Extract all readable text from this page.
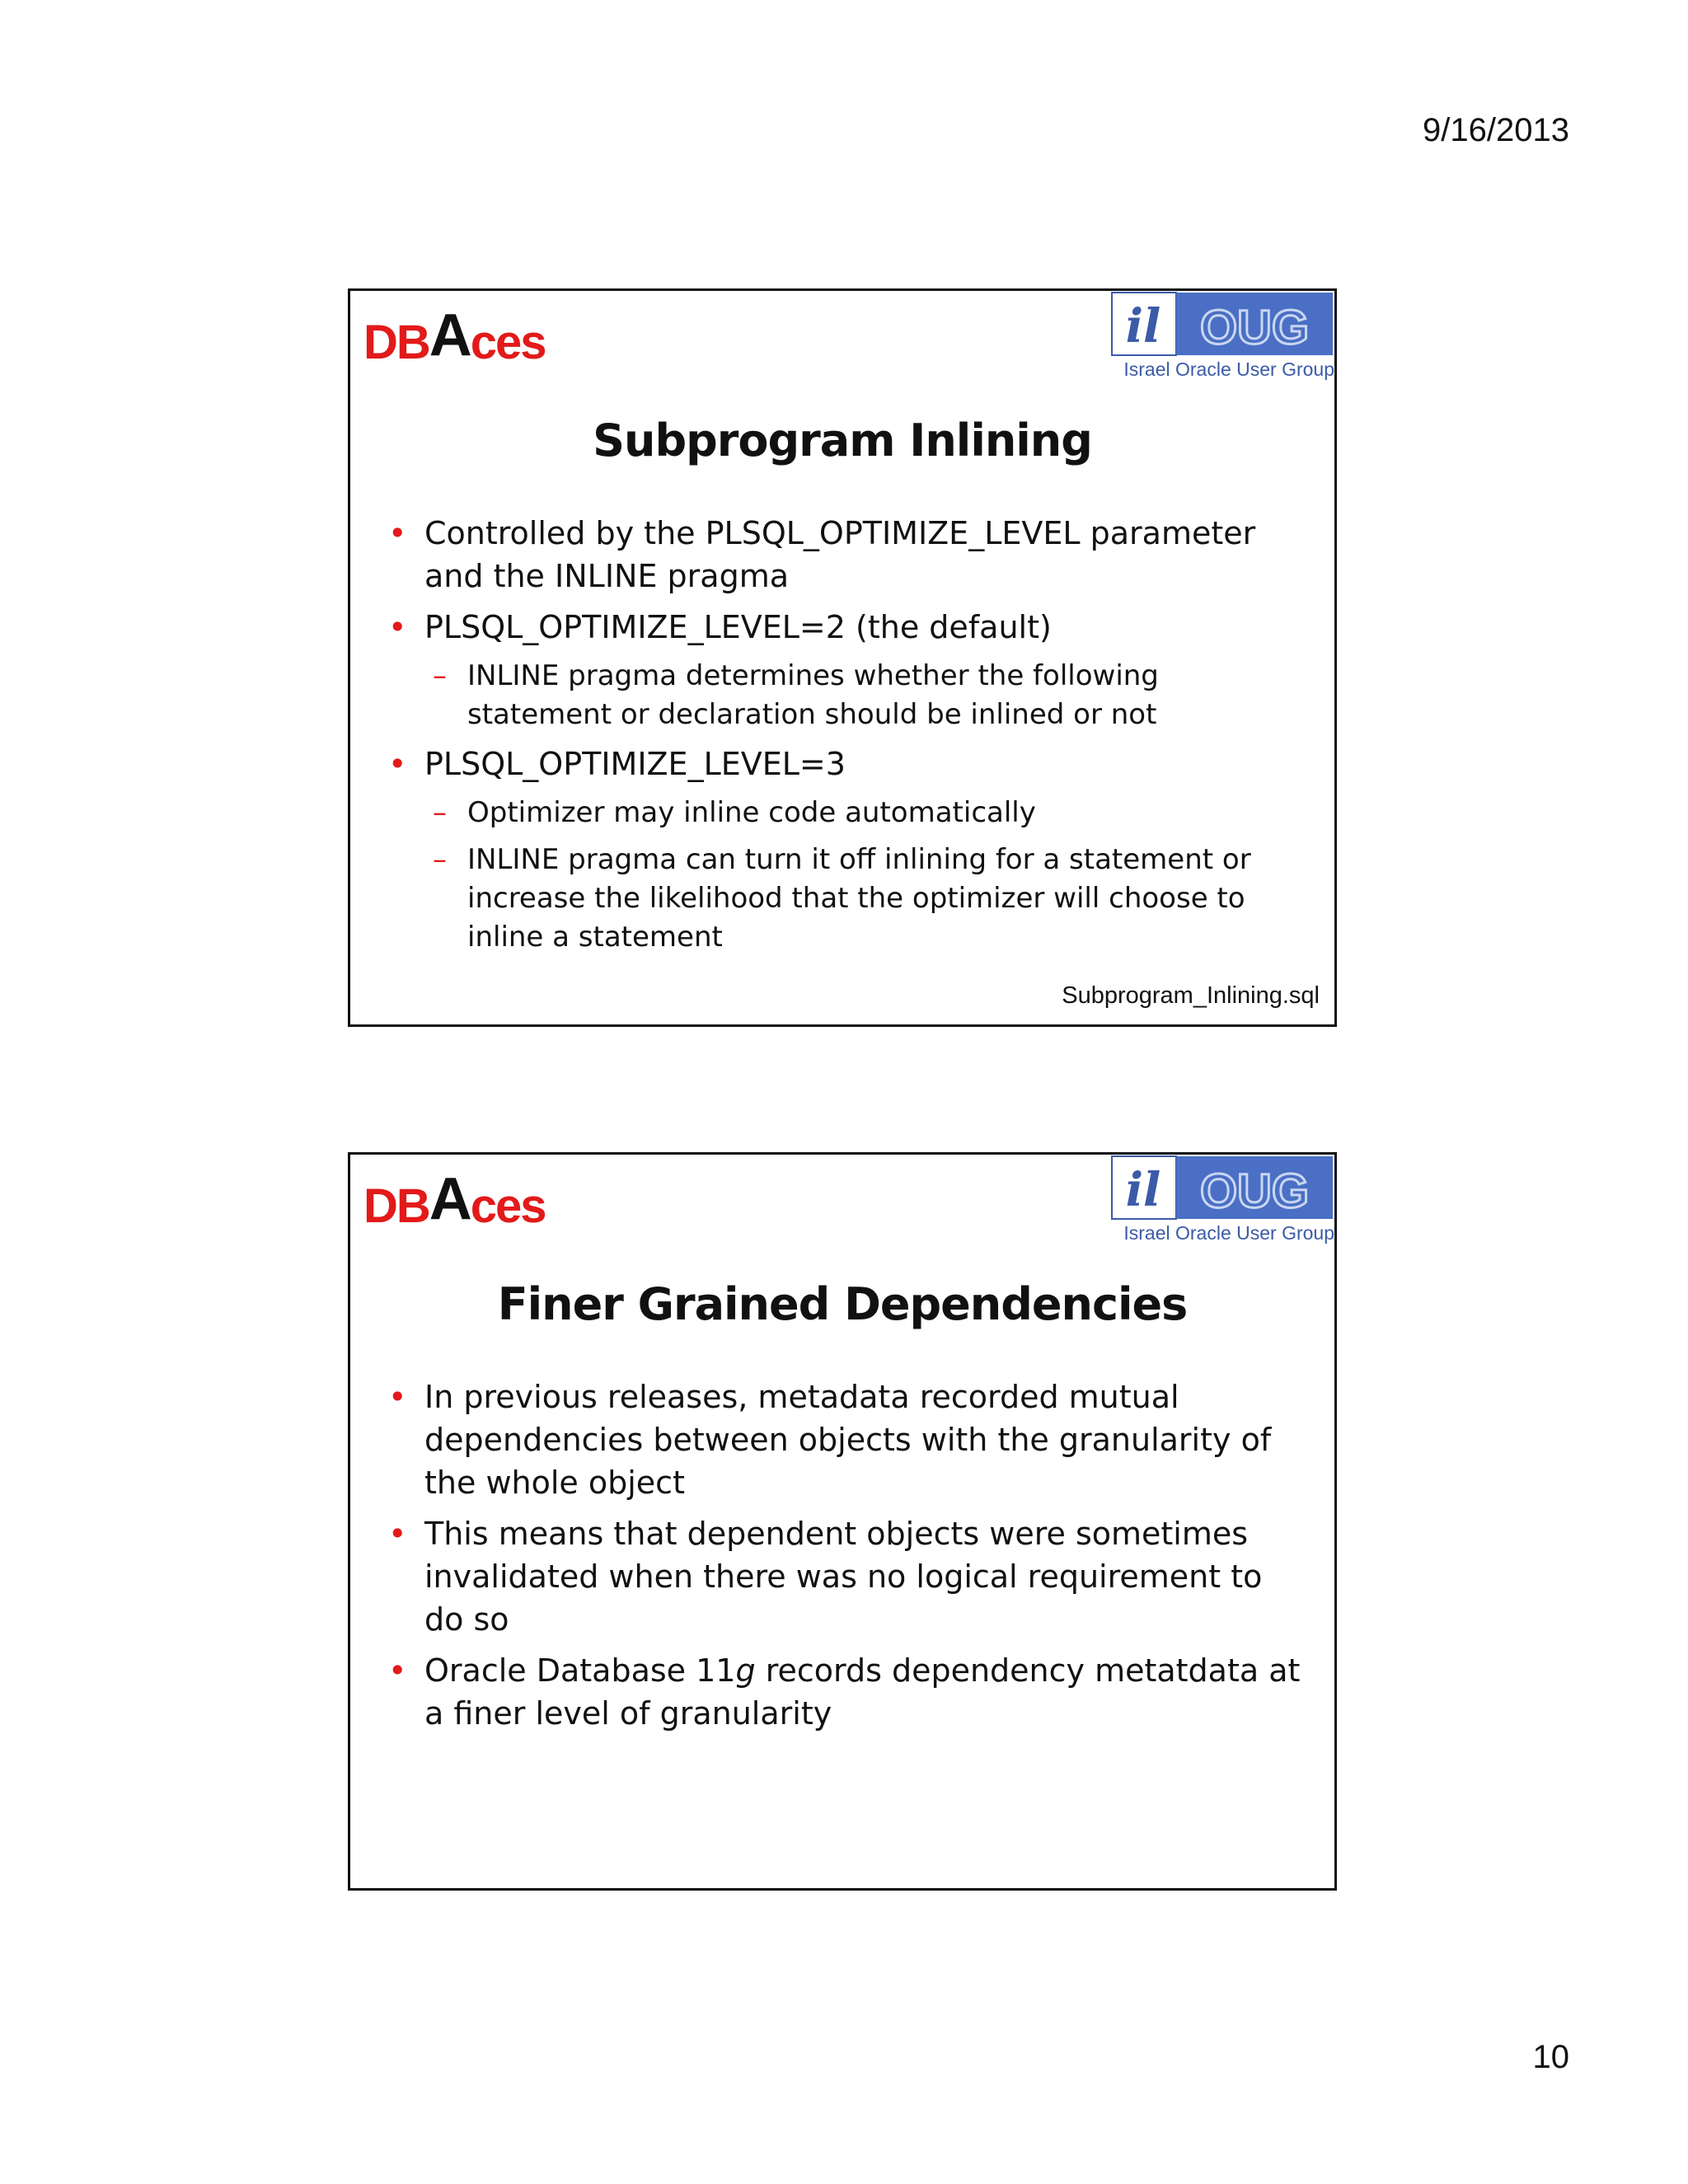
9/16/2013
DBAces	il OUG
Israel Oracle User Group
Subprogram Inlining
• Controlled by the PLSQL_OPTIMIZE_LEVEL parameter and the INLINE pragma
• PLSQL_OPTIMIZE_LEVEL=2 (the default)
– INLINE pragma determines whether the following statement or declaration should be inlined or not
• PLSQL_OPTIMIZE_LEVEL=3
– Optimizer may inline code automatically
– INLINE pragma can turn it off inlining for a statement or increase the likelihood that the optimizer will choose to inline a statement
Subprogram_Inlining.sql
DBAces	il OUG
Israel Oracle User Group
Finer Grained Dependencies
• In previous releases, metadata recorded mutual dependencies between objects with the granularity of the whole object
• This means that dependent objects were sometimes invalidated when there was no logical requirement to do so
• Oracle Database 11g records dependency metatdata at a finer level of granularity
10
